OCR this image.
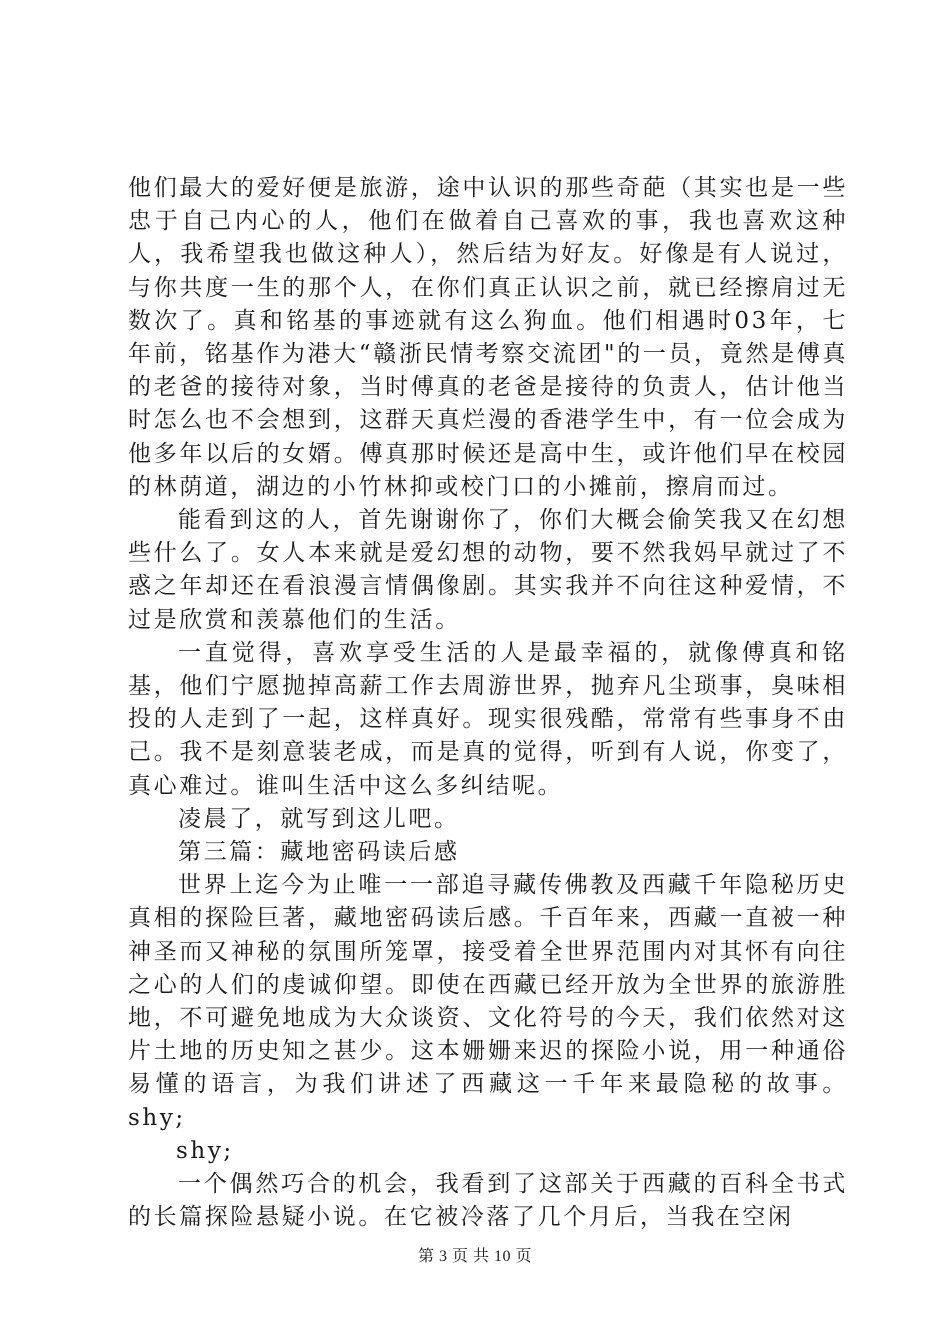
他们最大的爱好便是旅游，途中认识的那些奇葩（其实也是一些忠于自己内心的人，他们在做着自己喜欢的事，我也喜欢这种人，我希望我也做这种人），然后结为好友。好像是有人说过，与你共度一生的那个人，在你们真正认识之前，就已经擦肩过无数次了。真和铭基的事迹就有这么狗血。他们相遇时03年，七年前，铭基作为港大“赣浙民情考察交流团"的一员，竟然是傅真的老爸的接待对象，当时傅真的老爸是接待的负责人，估计他当时怎么也不会想到，这群天真烂漫的香港学生中，有一位会成为他多年以后的女婿。傅真那时候还是高中生，或许他们早在校园的林荫道，湖边的小竹林抑或校门口的小摊前，擦肩而过。

能看到这的人，首先谢谢你了，你们大概会偷笑我又在幻想些什么了。女人本来就是爱幻想的动物，要不然我妈早就过了不惑之年却还在看浪漫言情偶像剧。其实我并不向往这种爱情，不过是欣赏和羡慕他们的生活。

一直觉得，喜欢享受生活的人是最幸福的，就像傅真和铭基，他们宁愿抛掉高薪工作去周游世界，抛弃凡尘琐事，臭味相投的人走到了一起，这样真好。现实很残酷，常常有些事身不由己。我不是刻意装老成，而是真的觉得，听到有人说，你变了，真心难过。谁叫生活中这么多纠结呢。

凌晨了，就写到这儿吧。

第三篇：藏地密码读后感

世界上迄今为止唯一一部追寻藏传佛教及西藏千年隐秘历史真相的探险巨著，藏地密码读后感。千百年来，西藏一直被一种神圣而又神秘的氛围所笼罩，接受着全世界范围内对其怀有向往之心的人们的虔诚仰望。即使在西藏已经开放为全世界的旅游胜地，不可避免地成为大众谈资、文化符号的今天，我们依然对这片土地的历史知之甚少。这本姗姗来迟的探险小说，用一种通俗易懂的语言，为我们讲述了西藏这一千年来最隐秘的故事。shy;

shy;

一个偶然巧合的机会，我看到了这部关于西藏的百科全书式的长篇探险悬疑小说。在它被冷落了几个月后，当我在空闲

第 3 页 共 10 页
